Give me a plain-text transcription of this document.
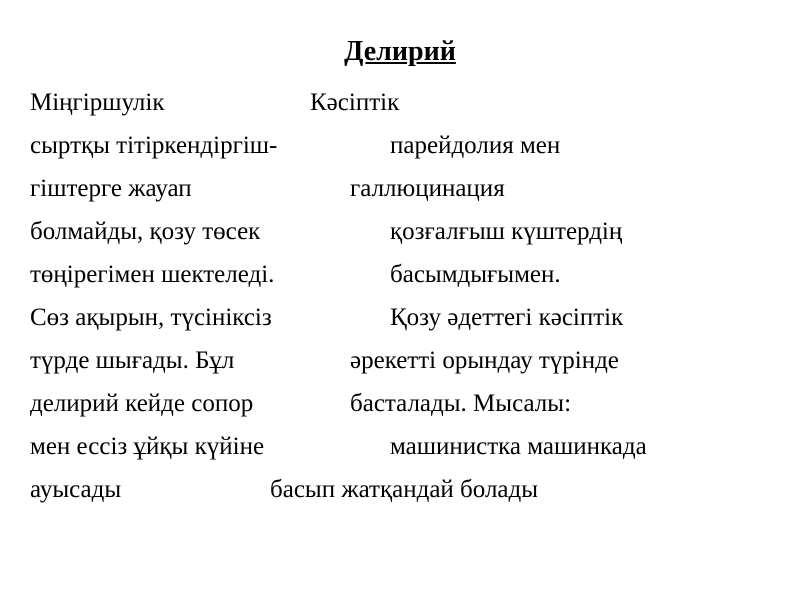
Делирий
Міңгіршулік	Кәсіптік
сыртқы тітіркендіргіш-
гіштерге жауап
болмайды, қозу төсек
төңірегімен шектеледі.
Сөз ақырын, түсініксіз
түрде шығады. Бұл
делирий кейде сопор
мен ессіз ұйқы күйіне
ауысады
парейдолия мен
галлюцинация
қозғалғыш күштердің
басымдығымен.
Қозу әдеттегі кәсіптік
әрекетті орындау түрінде
басталады. Мысалы:
машинистка машинкада
басып жатқандай болады
